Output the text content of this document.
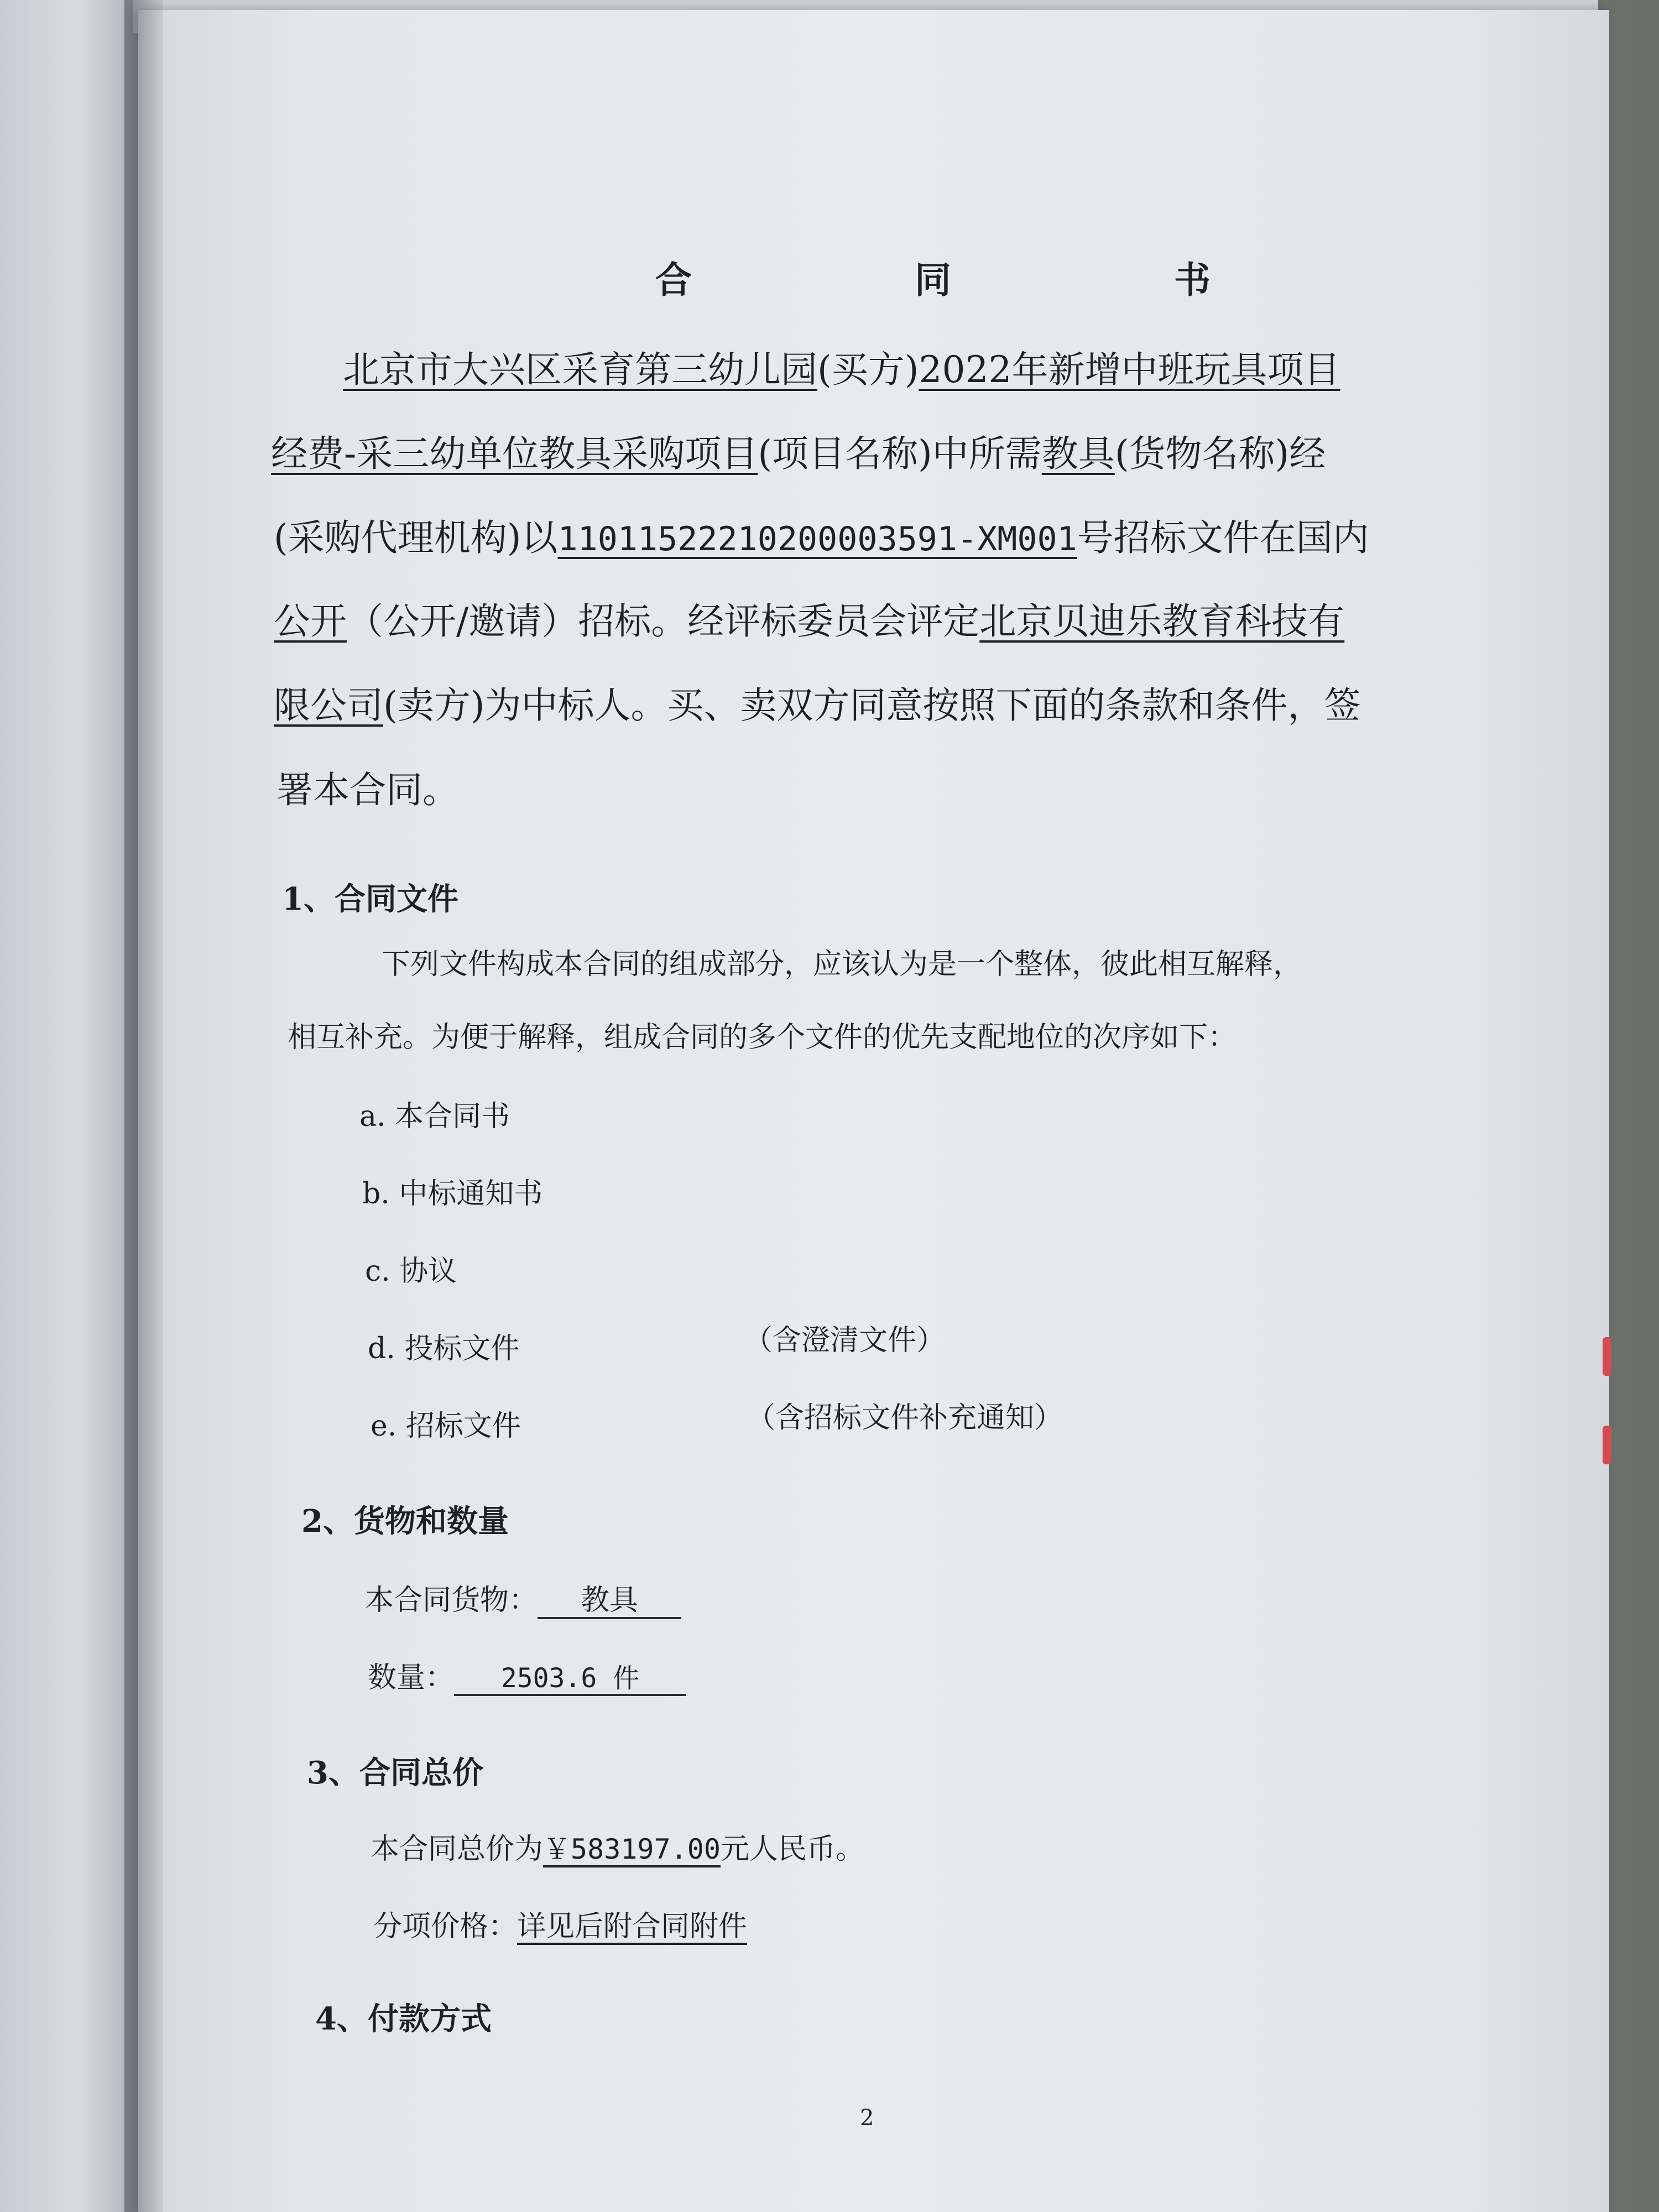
合 同 书
北京市大兴区采育第三幼儿园(买方)2022年新增中班玩具项目
经费-采三幼单位教具采购项目(项目名称)中所需教具(货物名称)经
(采购代理机构)以11011522210200003591-XM001号招标文件在国内
公开（公开/邀请）招标。经评标委员会评定北京贝迪乐教育科技有
限公司(卖方)为中标人。买、卖双方同意按照下面的条款和条件，签
署本合同。
1、合同文件
下列文件构成本合同的组成部分，应该认为是一个整体，彼此相互解释，
相互补充。为便于解释，组成合同的多个文件的优先支配地位的次序如下：
a. 本合同书
b. 中标通知书
c. 协议
d. 投标文件	（含澄清文件）
e. 招标文件	（含招标文件补充通知）
2、货物和数量
本合同货物： 教具
数量： 2503.6 件
3、合同总价
本合同总价为￥583197.00元人民币。
分项价格：详见后附合同附件
4、付款方式
2
